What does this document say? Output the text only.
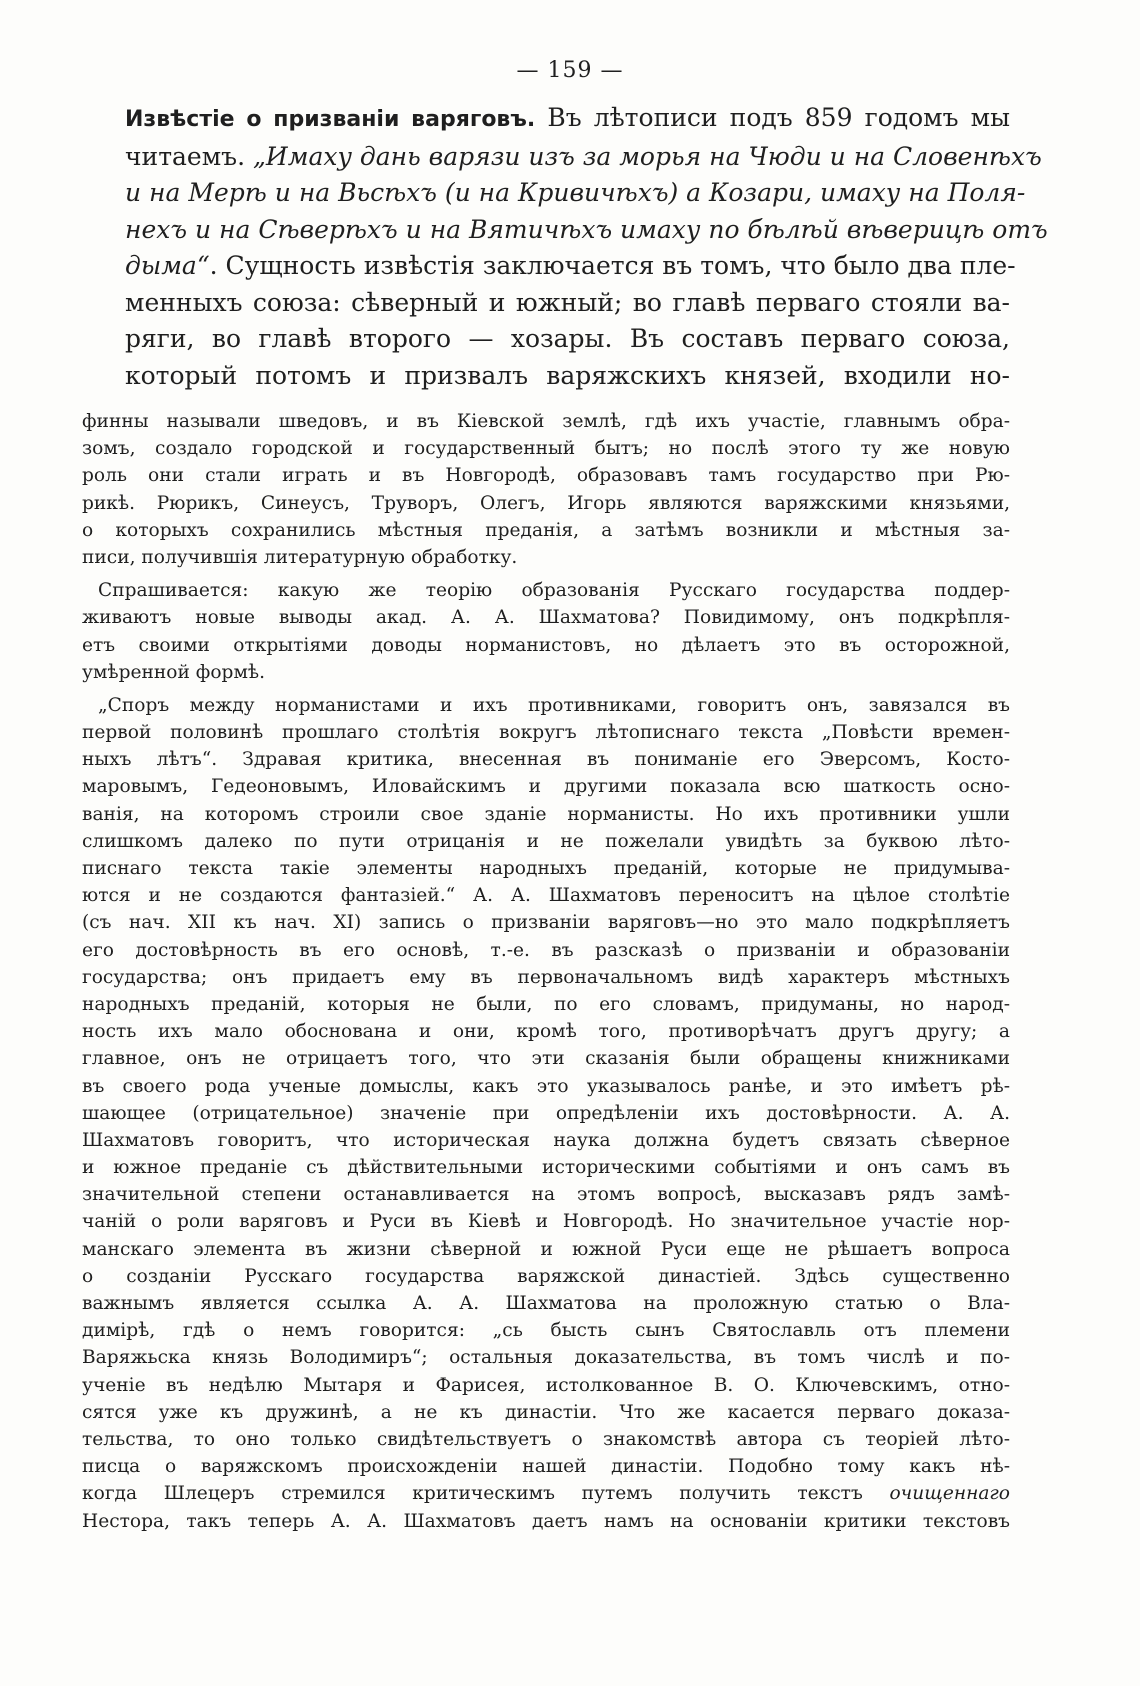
— 159 —
Извѣстіе о призваніи варяговъ. Въ лѣтописи подъ 859 годомъ мы
читаемъ. „Имаху дань варязи изъ за морья на Чюди и на Словенѣхъ
и на Мерѣ и на Вьсѣхъ (и на Кривичѣхъ) а Козари, имаху на Поля-
нехъ и на Сѣверѣхъ и на Вятичѣхъ имаху по бѣлѣй вѣверицѣ отъ
дыма“. Сущность извѣстія заключается въ томъ, что было два пле-
менныхъ союза: сѣверный и южный; во главѣ перваго стояли ва-
ряги, во главѣ второго — хозары. Въ составъ перваго союза,
который потомъ и призвалъ варяжскихъ князей, входили но-
финны называли шведовъ, и въ Кіевской землѣ, гдѣ ихъ участіе, главнымъ обра-
зомъ, создало городской и государственный бытъ; но послѣ этого ту же новую
роль они стали играть и въ Новгородѣ, образовавъ тамъ государство при Рю-
рикѣ. Рюрикъ, Синеусъ, Труворъ, Олегъ, Игорь являются варяжскими князьями,
о которыхъ сохранились мѣстныя преданія, а затѣмъ возникли и мѣстныя за-
писи, получившія литературную обработку.
Спрашивается: какую же теорію образованія Русскаго государства поддер-
живаютъ новые выводы акад. А. А. Шахматова? Повидимому, онъ подкрѣпля-
етъ своими открытіями доводы норманистовъ, но дѣлаетъ это въ осторожной,
умѣренной формѣ.
„Споръ между норманистами и ихъ противниками, говоритъ онъ, завязался въ
первой половинѣ прошлаго столѣтія вокругъ лѣтописнаго текста „Повѣсти времен-
ныхъ лѣтъ“. Здравая критика, внесенная въ пониманіе его Эверсомъ, Косто-
маровымъ, Гедеоновымъ, Иловайскимъ и другими показала всю шаткость осно-
ванія, на которомъ строили свое зданіе норманисты. Но ихъ противники ушли
слишкомъ далеко по пути отрицанія и не пожелали увидѣть за буквою лѣто-
писнаго текста такіе элементы народныхъ преданій, которые не придумыва-
ются и не создаются фантазіей.“ А. А. Шахматовъ переноситъ на цѣлое столѣтіе
(съ нач. XII къ нач. XI) запись о призваніи варяговъ—но это мало подкрѣпляетъ
его достовѣрность въ его основѣ, т.-е. въ разсказѣ о призваніи и образованіи
государства; онъ придаетъ ему въ первоначальномъ видѣ характеръ мѣстныхъ
народныхъ преданій, которыя не были, по его словамъ, придуманы, но народ-
ность ихъ мало обоснована и они, кромѣ того, противорѣчатъ другъ другу; а
главное, онъ не отрицаетъ того, что эти сказанія были обращены книжниками
въ своего рода ученые домыслы, какъ это указывалось ранѣе, и это имѣетъ рѣ-
шающее (отрицательное) значеніе при опредѣленіи ихъ достовѣрности. А. А.
Шахматовъ говоритъ, что историческая наука должна будетъ связать сѣверное
и южное преданіе съ дѣйствительными историческими событіями и онъ самъ въ
значительной степени останавливается на этомъ вопросѣ, высказавъ рядъ замѣ-
чаній о роли варяговъ и Руси въ Кіевѣ и Новгородѣ. Но значительное участіе нор-
манскаго элемента въ жизни сѣверной и южной Руси еще не рѣшаетъ вопроса
о созданіи Русскаго государства варяжской династіей. Здѣсь существенно
важнымъ является ссылка А. А. Шахматова на проложную статью о Вла-
димірѣ, гдѣ о немъ говорится: „сь бысть сынъ Святославль отъ племени
Варяжьска князь Володимиръ“; остальныя доказательства, въ томъ числѣ и по-
ученіе въ недѣлю Мытаря и Фарисея, истолкованное В. О. Ключевскимъ, отно-
сятся уже къ дружинѣ, а не къ династіи. Что же касается перваго доказа-
тельства, то оно только свидѣтельствуетъ о знакомствѣ автора съ теоріей лѣто-
писца о варяжскомъ происхожденіи нашей династіи. Подобно тому какъ нѣ-
когда Шлецеръ стремился критическимъ путемъ получить текстъ очищеннаго
Нестора, такъ теперь А. А. Шахматовъ даетъ намъ на основаніи критики текстовъ
